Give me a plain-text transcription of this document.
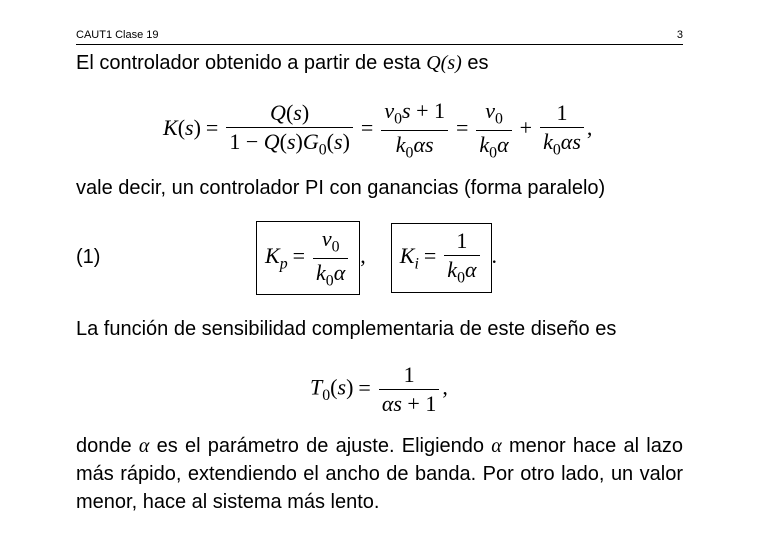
CAUT1 Clase 19	3
El controlador obtenido a partir de esta Q(s) es
$K(s) = \frac{Q(s)}{1 - Q(s)G_0(s)} = \frac{\nu_0s + 1}{k_0\alpha s} = \frac{\nu_0}{k_0\alpha} + \frac{1}{k_0\alpha s}$ ,
vale decir, un controlador PI con ganancias (forma paralelo)
(1)	$K_p = \frac{\nu_0}{k_0\alpha}$ ,  $K_i = \frac{1}{k_0\alpha}$ .
La función de sensibilidad complementaria de este diseño es
$T_0(s) = \frac{1}{\alpha s + 1}$ ,
donde α es el parámetro de ajuste. Eligiendo α menor hace al lazo más rápido, extendiendo el ancho de banda. Por otro lado, un valor menor, hace al sistema más lento.
